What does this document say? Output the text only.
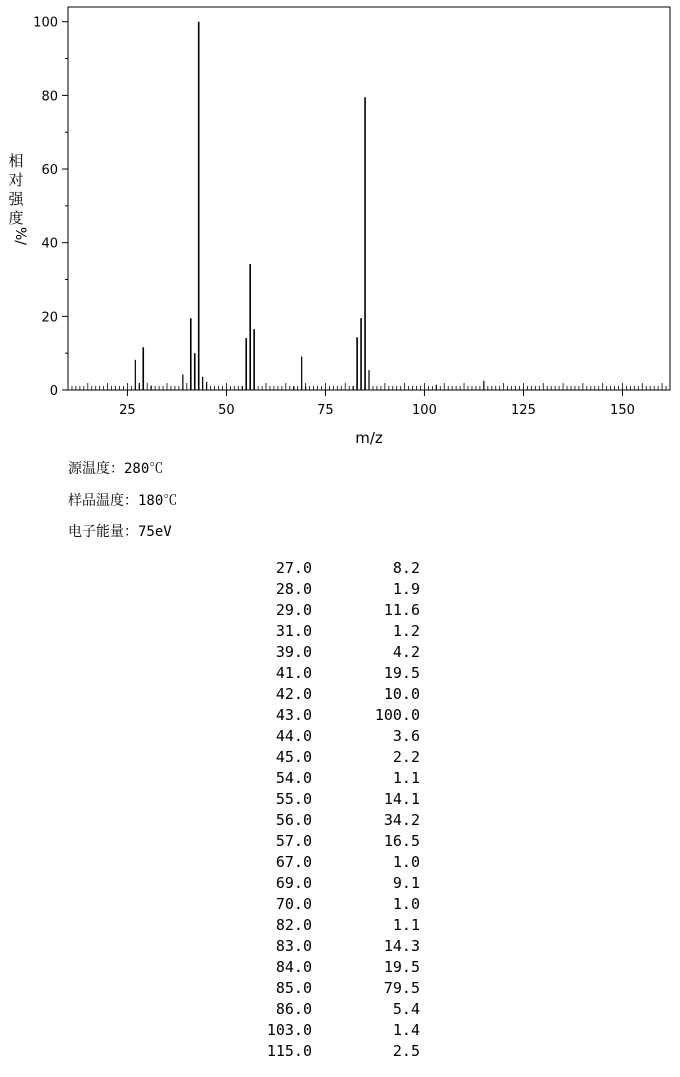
25	50	75	100	125	150
0
20
40
60
80
100
m/z
相
对
强
度
%/
源温度：280℃
样品温度：180℃
电子能量：75eV
27.0	8.2
28.0	1.9
29.0	11.6
31.0	1.2
39.0	4.2
41.0	19.5
42.0	10.0
43.0	100.0
44.0	3.6
45.0	2.2
54.0	1.1
55.0	14.1
56.0	34.2
57.0	16.5
67.0	1.0
69.0	9.1
70.0	1.0
82.0	1.1
83.0	14.3
84.0	19.5
85.0	79.5
86.0	5.4
103.0	1.4
115.0	2.5
